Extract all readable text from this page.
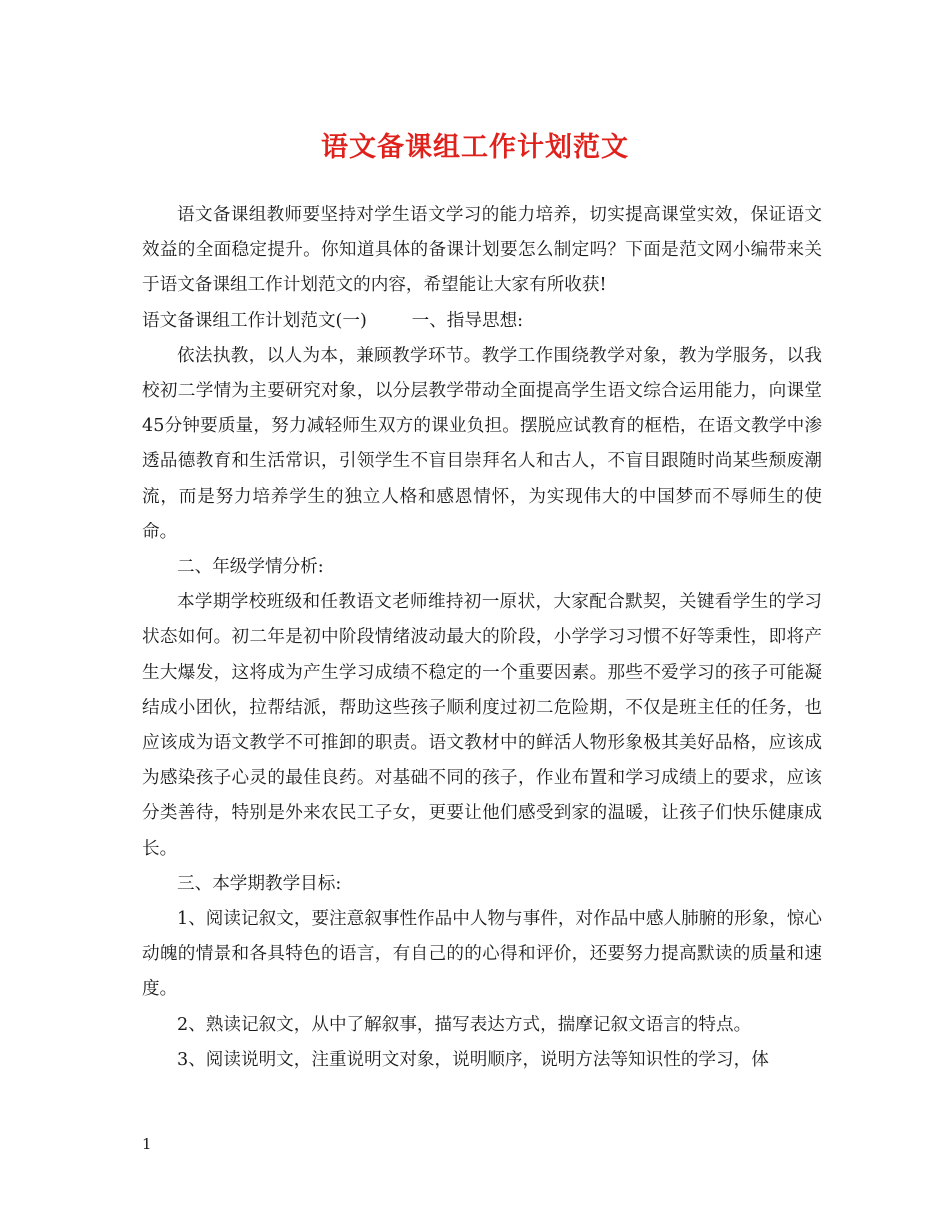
语文备课组工作计划范文

语文备课组教师要坚持对学生语文学习的能力培养，切实提高课堂实效，保证语文效益的全面稳定提升。你知道具体的备课计划要怎么制定吗？下面是范文网小编带来关于语文备课组工作计划范文的内容，希望能让大家有所收获!

语文备课组工作计划范文(一)        一、指导思想:

依法执教，以人为本，兼顾教学环节。教学工作围绕教学对象，教为学服务，以我校初二学情为主要研究对象，以分层教学带动全面提高学生语文综合运用能力，向课堂45分钟要质量，努力减轻师生双方的课业负担。摆脱应试教育的框梏，在语文教学中渗透品德教育和生活常识，引领学生不盲目崇拜名人和古人，不盲目跟随时尚某些颓废潮流，而是努力培养学生的独立人格和感恩情怀，为实现伟大的中国梦而不辱师生的使命。

二、年级学情分析:

本学期学校班级和任教语文老师维持初一原状，大家配合默契，关键看学生的学习状态如何。初二年是初中阶段情绪波动最大的阶段，小学学习习惯不好等秉性，即将产生大爆发，这将成为产生学习成绩不稳定的一个重要因素。那些不爱学习的孩子可能凝结成小团伙，拉帮结派，帮助这些孩子顺利度过初二危险期，不仅是班主任的任务，也应该成为语文教学不可推卸的职责。语文教材中的鲜活人物形象极其美好品格，应该成为感染孩子心灵的最佳良药。对基础不同的孩子，作业布置和学习成绩上的要求，应该分类善待，特别是外来农民工子女，更要让他们感受到家的温暖，让孩子们快乐健康成长。

三、本学期教学目标:

1、阅读记叙文，要注意叙事性作品中人物与事件，对作品中感人肺腑的形象，惊心动魄的情景和各具特色的语言，有自己的的心得和评价，还要努力提高默读的质量和速度。

2、熟读记叙文，从中了解叙事，描写表达方式，揣摩记叙文语言的特点。

3、阅读说明文，注重说明文对象，说明顺序，说明方法等知识性的学习，体

1
